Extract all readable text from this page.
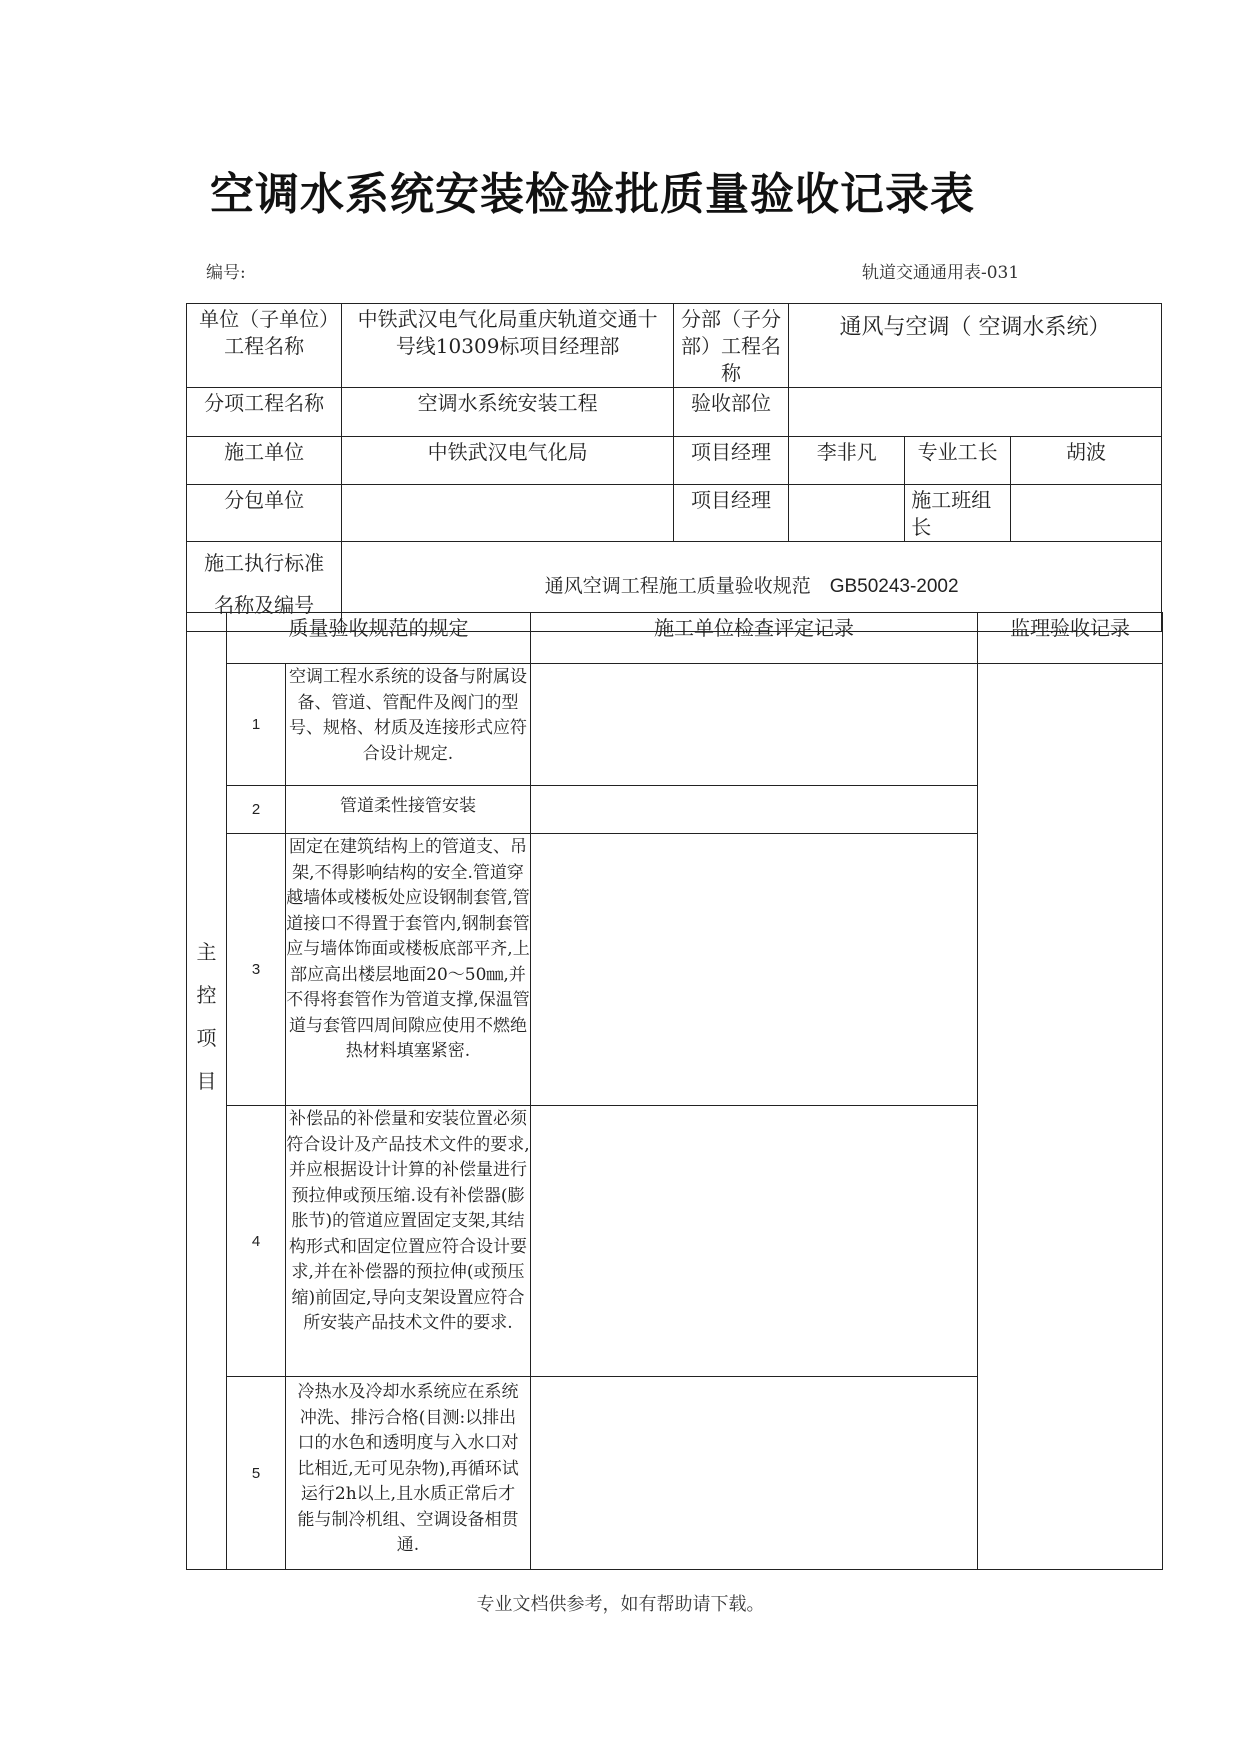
空调水系统安装检验批质量验收记录表
编号:	轨道交通通用表-031
单位（子单位）工程名称	中铁武汉电气化局重庆轨道交通十号线10309标项目经理部	分部（子分部）工程名称	通风与空调（ 空调水系统）		
分项工程名称	空调水系统安装工程	验收部位			
施工单位	中铁武汉电气化局	项目经理	李非凡	专业工长	胡波
分包单位		项目经理		施工班组长	

施工执行标准
名称及编号	通风空调工程施工质量验收规范　GB50243-2002				
主
控
项
目	质量验收规范的规定		施工单位检查评定记录	监理验收记录
	1	空调工程水系统的设备与附属设备、管道、管配件及阀门的型号、规格、材质及连接形式应符合设计规定.		
	2	管道柔性接管安装		
	3	固定在建筑结构上的管道支、吊架,不得影响结构的安全.管道穿越墙体或楼板处应设钢制套管,管道接口不得置于套管内,钢制套管应与墙体饰面或楼板底部平齐,上部应高出楼层地面20～50㎜,并不得将套管作为管道支撑,保温管道与套管四周间隙应使用不燃绝热材料填塞紧密.		
	4	补偿品的补偿量和安装位置必须符合设计及产品技术文件的要求,并应根据设计计算的补偿量进行预拉伸或预压缩.设有补偿器(膨胀节)的管道应置固定支架,其结构形式和固定位置应符合设计要求,并在补偿器的预拉伸(或预压缩)前固定,导向支架设置应符合所安装产品技术文件的要求.		
	5	冷热水及冷却水系统应在系统冲洗、排污合格(目测:以排出口的水色和透明度与入水口对比相近,无可见杂物),再循环试运行2h以上,且水质正常后才能与制冷机组、空调设备相贯通.		
专业文档供参考，如有帮助请下载。
